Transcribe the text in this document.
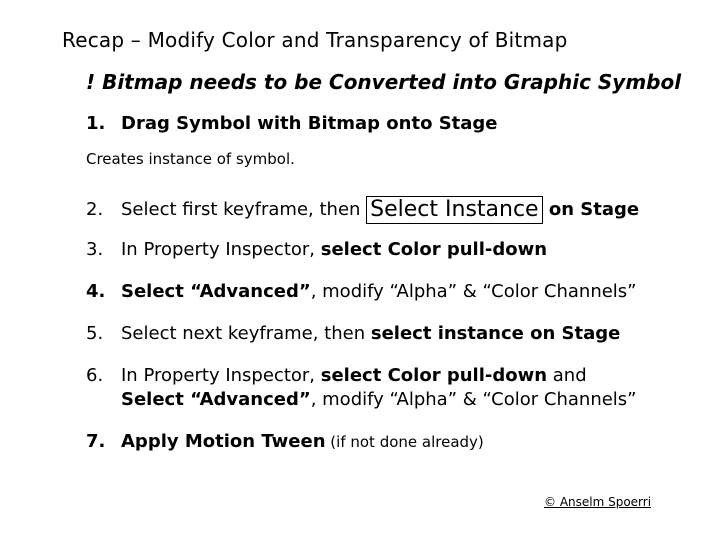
Recap – Modify Color and Transparency of Bitmap
! Bitmap needs to be Converted into Graphic Symbol
1. Drag Symbol with Bitmap onto Stage
Creates instance of symbol.
2. Select first keyframe, then Select Instance on Stage
3. In Property Inspector, select Color pull-down
4. Select “Advanced”, modify “Alpha” & “Color Channels”
5. Select next keyframe, then select instance on Stage
6. In Property Inspector, select Color pull-down and
Select “Advanced”, modify “Alpha” & “Color Channels”
7. Apply Motion Tween (if not done already)
© Anselm Spoerri
